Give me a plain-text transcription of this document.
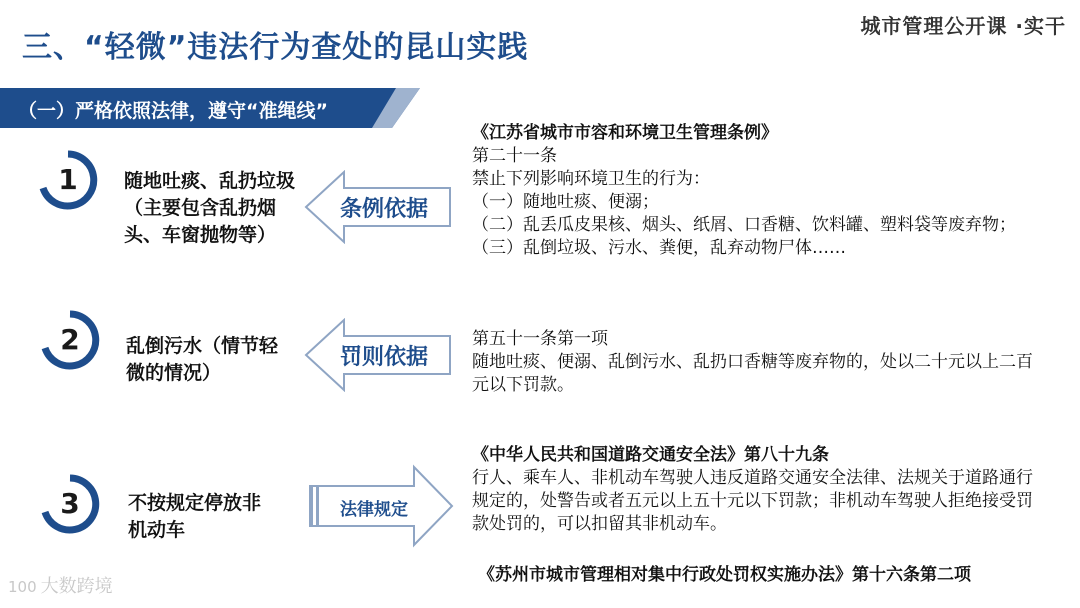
三、“轻微”违法行为查处的昆山实践
城市管理公开课 ·实干
（一）严格依照法律，遵守“准绳线”
1	随地吐痰、乱扔垃圾（主要包含乱扔烟头、车窗抛物等）
条例依据
《江苏省城市市容和环境卫生管理条例》
第二十一条
禁止下列影响环境卫生的行为：
（一）随地吐痰、便溺；
（二）乱丢瓜皮果核、烟头、纸屑、口香糖、饮料罐、塑料袋等废弃物；
（三）乱倒垃圾、污水、粪便，乱弃动物尸体……
2	乱倒污水（情节轻微的情况）
罚则依据
第五十一条第一项
随地吐痰、便溺、乱倒污水、乱扔口香糖等废弃物的，处以二十元以上二百元以下罚款。
3	不按规定停放非机动车
法律规定
《中华人民共和国道路交通安全法》第八十九条
行人、乘车人、非机动车驾驶人违反道路交通安全法律、法规关于道路通行规定的，处警告或者五元以上五十元以下罚款；非机动车驾驶人拒绝接受罚款处罚的，可以扣留其非机动车。
《苏州市城市管理相对集中行政处罚权实施办法》第十六条第二项
100 大数跨境
